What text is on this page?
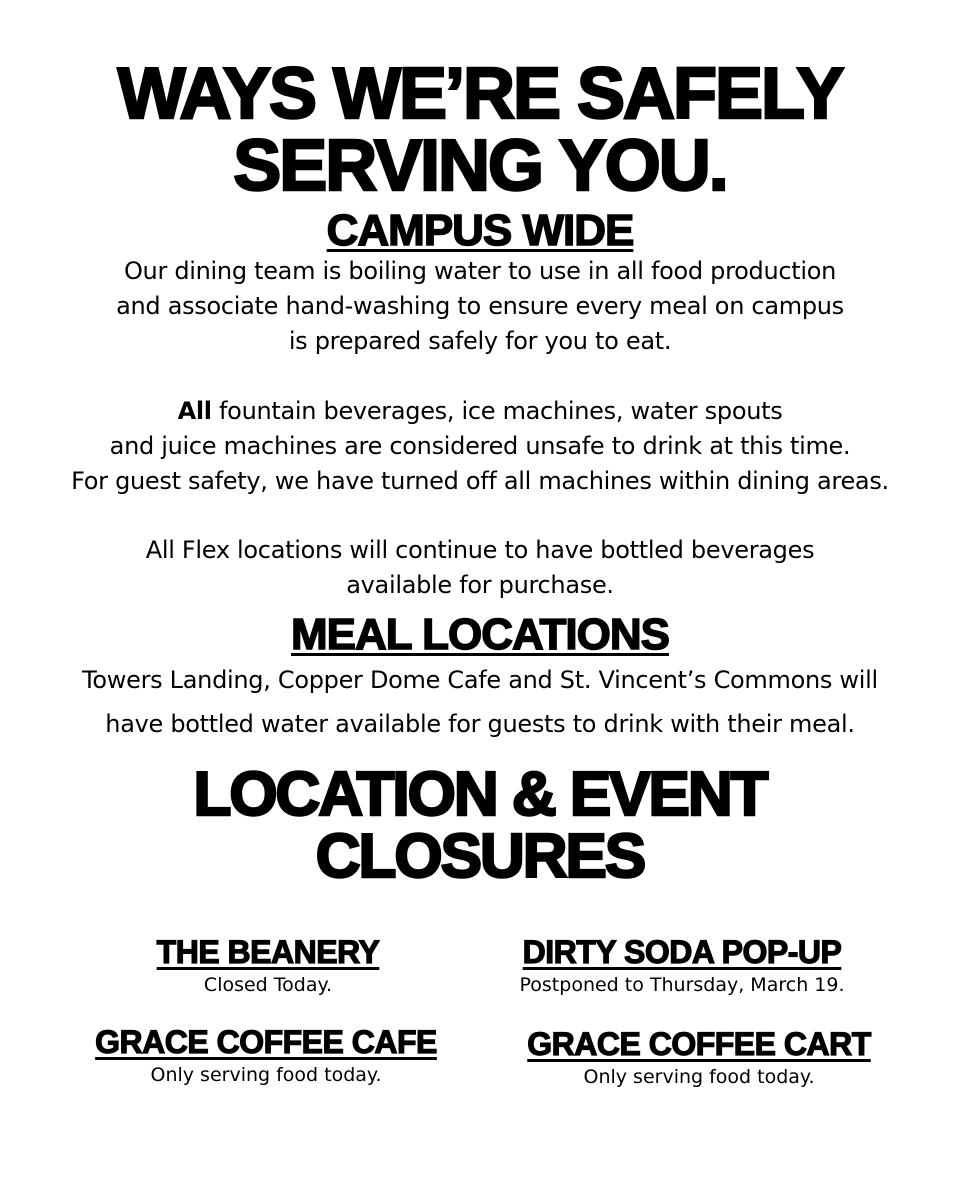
WAYS WE’RE SAFELY
SERVING YOU.
CAMPUS WIDE
Our dining team is boiling water to use in all food production
and associate hand-washing to ensure every meal on campus
is prepared safely for you to eat.
All fountain beverages, ice machines, water spouts
and juice machines are considered unsafe to drink at this time.
For guest safety, we have turned off all machines within dining areas.
All Flex locations will continue to have bottled beverages
available for purchase.
MEAL LOCATIONS
Towers Landing, Copper Dome Cafe and St. Vincent’s Commons will
have bottled water available for guests to drink with their meal.
LOCATION & EVENT
CLOSURES
THE BEANERY
Closed Today.
DIRTY SODA POP-UP
Postponed to Thursday, March 19.
GRACE COFFEE CAFE
Only serving food today.
GRACE COFFEE CART
Only serving food today.
